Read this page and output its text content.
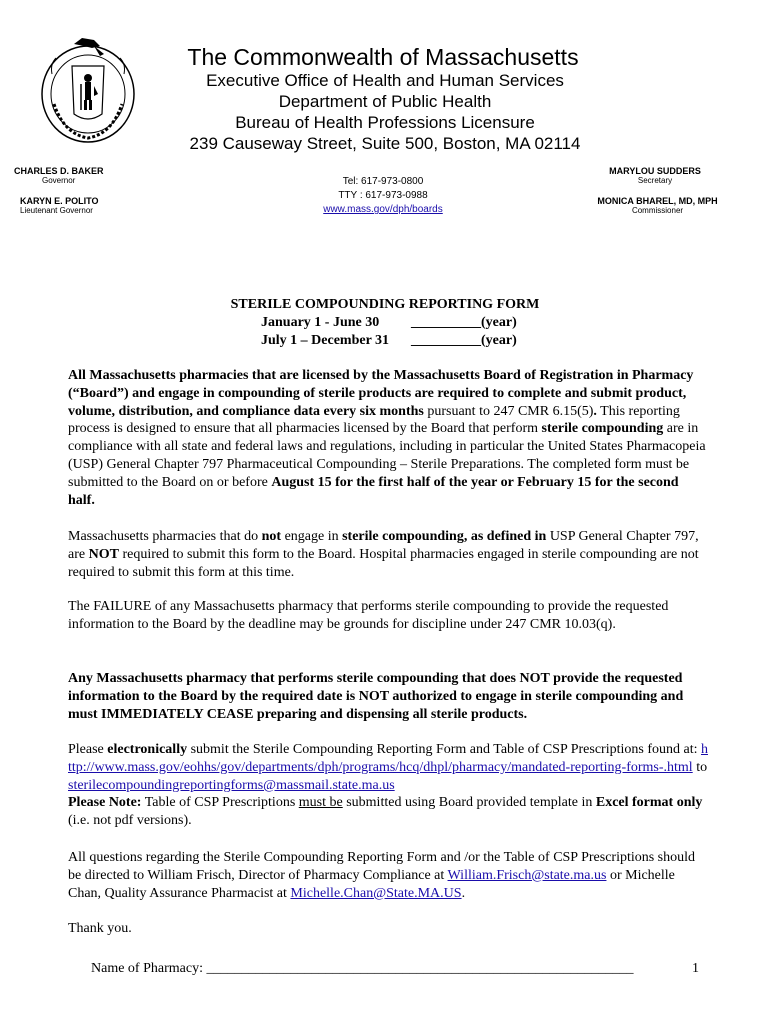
The Commonwealth of Massachusetts
Executive Office of Health and Human Services
Department of Public Health
Bureau of Health Professions Licensure
239 Causeway Street, Suite 500, Boston, MA 02114
CHARLES D. BAKER
Governor
KARYN E. POLITO
Lieutenant Governor
Tel: 617-973-0800
TTY : 617-973-0988
www.mass.gov/dph/boards
MARYLOU SUDDERS
Secretary
MONICA BHAREL, MD, MPH
Commissioner
STERILE COMPOUNDING REPORTING FORM
January 1 - June 30 __________(year)
July 1 – December 31 __________(year)
All Massachusetts pharmacies that are licensed by the Massachusetts Board of Registration in Pharmacy (“Board”) and engage in compounding of sterile products are required to complete and submit product, volume, distribution, and compliance data every six months pursuant to 247 CMR 6.15(5). This reporting process is designed to ensure that all pharmacies licensed by the Board that perform sterile compounding are in compliance with all state and federal laws and regulations, including in particular the United States Pharmacopeia (USP) General Chapter 797 Pharmaceutical Compounding – Sterile Preparations. The completed form must be submitted to the Board on or before August 15 for the first half of the year or February 15 for the second half.
Massachusetts pharmacies that do not engage in sterile compounding, as defined in USP General Chapter 797, are NOT required to submit this form to the Board. Hospital pharmacies engaged in sterile compounding are not required to submit this form at this time.
The FAILURE of any Massachusetts pharmacy that performs sterile compounding to provide the requested information to the Board by the deadline may be grounds for discipline under 247 CMR 10.03(q).
Any Massachusetts pharmacy that performs sterile compounding that does NOT provide the requested information to the Board by the required date is NOT authorized to engage in sterile compounding and must IMMEDIATELY CEASE preparing and dispensing all sterile products.
Please electronically submit the Sterile Compounding Reporting Form and Table of CSP Prescriptions found at: http://www.mass.gov/eohhs/gov/departments/dph/programs/hcq/dhpl/pharmacy/mandated-reporting-forms-.html to sterilecompoundingreportingforms@massmail.state.ma.us
Please Note: Table of CSP Prescriptions must be submitted using Board provided template in Excel format only (i.e. not pdf versions).
All questions regarding the Sterile Compounding Reporting Form and /or the Table of CSP Prescriptions should be directed to William Frisch, Director of Pharmacy Compliance at William.Frisch@state.ma.us or Michelle Chan, Quality Assurance Pharmacist at Michelle.Chan@State.MA.US.
Thank you.
Name of Pharmacy: _____________________________________________________________	1
